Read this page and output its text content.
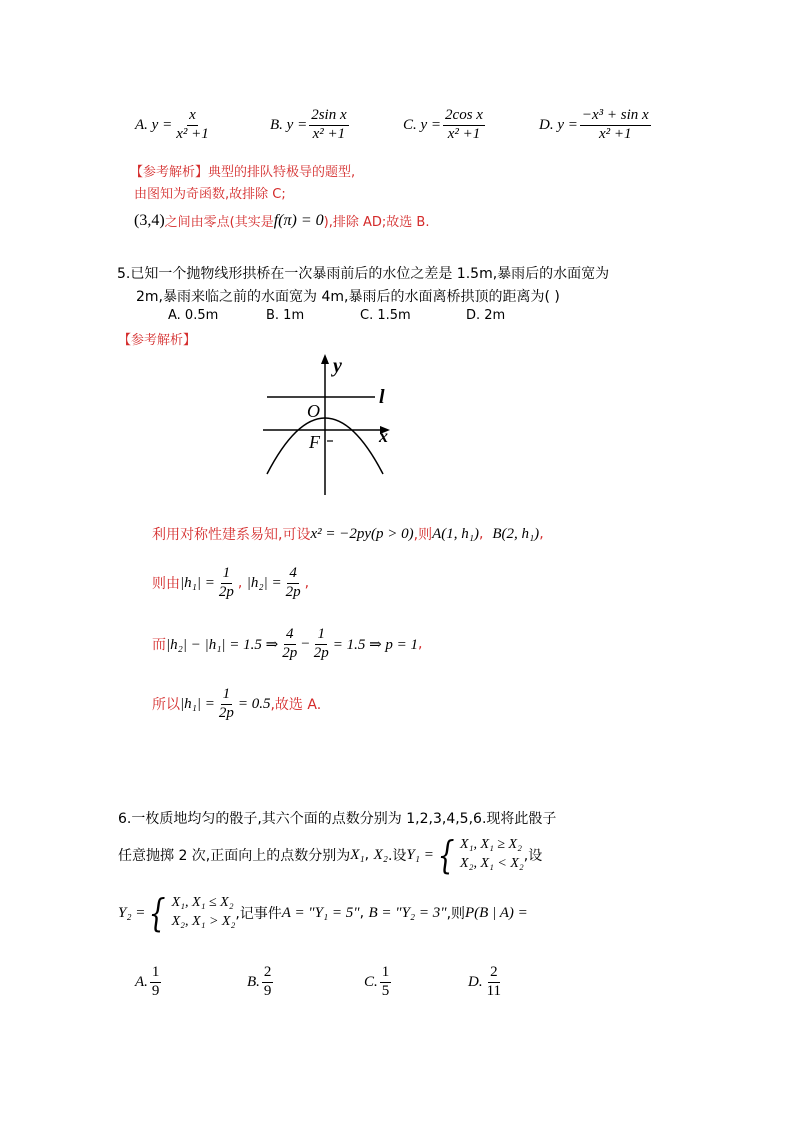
A.
$y = \frac{x}{\text{x² +1}}$	B.
$y = \frac{\text{2sin x}}{\text{x² +1}}$	C.
$y = \frac{\text{2cos x}}{\text{x² +1}}$	D.
$y = \frac{\text{−x³ + sin x}}{\text{x² +1}}$
【参考解析】典型的排队特极导的题型,
由图知为奇函数,故排除 C;
(3,4) 之间由零点(其实是 f(π) = 0 ),排除 AD;故选 B.
5.已知一个抛物线形拱桥在一次暴雨前后的水位之差是 1.5m,暴雨后的水面宽为
2m,暴雨来临之前的水面宽为 4m,暴雨后的水面离桥拱顶的距离为( )
A. 0.5m	B. 1m	C. 1.5m	D. 2m
【参考解析】
y
l
O
x
F
利用对称性建系易知,可设 x² = −2py(p > 0) ,则 A(1, h₁) ,
B(2, h₁) ,
则由 $|h_1| = \frac{1}{2p}$ ,
$|h_2| = \frac{4}{2p}$ ,
而 |h₂| − |h₁| = 1.5 ⇒ $\frac{4}{2p} - \frac{1}{2p} = 1.5$ ⇒ p = 1 ,
所以 $|h_1| = \frac{1}{2p} = 0.5$ ,故选 A.
6.一枚质地均匀的骰子,其六个面的点数分别为 1,2,3,4,5,6.现将此骰子
任意抛掷 2 次,正面向上的点数分别为 X₁ ,
X₂ .设 Y₁ = { X₁, X₁ ≥ X₂
X₂, X₁ < X₂ ,设
Y₂ = { X₁, X₁ ≤ X₂
X₂, X₁ > X₂ ,记事件 A = "Y₁ = 5" ,
B = "Y₂ = 3" ,则 P(B | A) =
A. $\frac{1}{9}$	B. $\frac{2}{9}$	C. $\frac{1}{5}$	D. $\frac{2}{11}$
